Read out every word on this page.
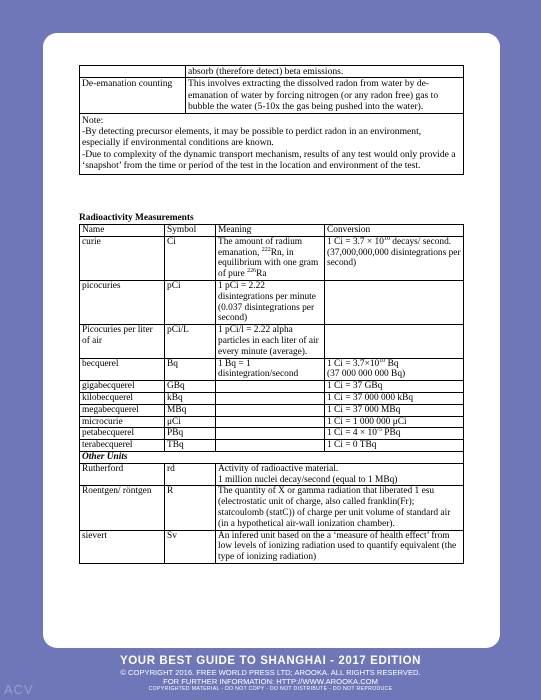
	absorb (therefore detect) beta emissions.
De-emanation counting	This involves extracting the dissolved radon from water by de-emanation of water by forcing nitrogen (or any radon free) gas to bubble the water (5-10x the gas being pushed into the water).

Note:
-By detecting precursor elements, it may be possible to perdict radon in an environment, especially if environmental conditions are known.
-Due to complexity of the dynamic transport mechanism, results of any test would only provide a ‘snapshot’ from the time or period of the test in the location and environment of the test.	
Radioactivity Measurements
Name	Symbol	Meaning	Conversion
curie	Ci	The amount of radium emanation, $^{222}$Rn, in equilibrium with one gram of pure $^{226}$Ra	1 $Ci = 3.7 \times 10^{10}$ decays/ second.
(37,000,000,000 disintegrations per second)
picocuries	pCi	1 pCi = 2.22 disintegrations per minute (0.037 disintegrations per second)	
Picocuries per liter of air	pCi/L	1 pCi/l = 2.22 alpha particles in each liter of air every minute (average).	
becquerel	Bq	1 Bq = 1 disintegration/second	1 $Ci = 3.7\times 10^{10}$ Bq
(37 000 000 000 Bq)
gigabecquerel	GBq		1 Ci = 37 GBq
kilobecquerel	kBq		1 Ci = 37 000 000 kBq
megabecquerel	MBq		1 Ci = 37 000 MBq
microcurie	μCi		1 Ci = 1 000 000 μCi
petabecquerel	PBq		1 $Ci = 4 \times 10^{-5}$ PBq
terabecquerel	TBq		1 Ci = 0 TBq
Other Units			
Rutherford	rd	Activity of radioactive material.
1 million nuclei decay/second (equal to 1 MBq)	

Roentgen/ röntgen	R	The quantity of X or gamma radiation that liberated 1 esu (electrostatic unit of charge, also called franklin(Fr); statcoulomb (statC)) of charge per unit volume of standard air (in a hypothetical air-wall ionization chamber).	
sievert	Sv	An infered unit based on the a ‘measure of health effect’ from low levels of ionizing radiation used to quantify equivalent (the type of ionizing radiation)	
YOUR BEST GUIDE TO SHANGHAI - 2017 EDITION
© COPYRIGHT 2016. FREE WORLD PRESS LTD; AROOKA. ALL RIGHTS RESERVED.
FOR FURTHER INFORMATION: HTTP://WWW.AROOKA.COM
COPYRIGHTED MATERIAL - DO NOT COPY - DO NOT DISTRIBUTE - DO NOT REPRODUCE
ACV
